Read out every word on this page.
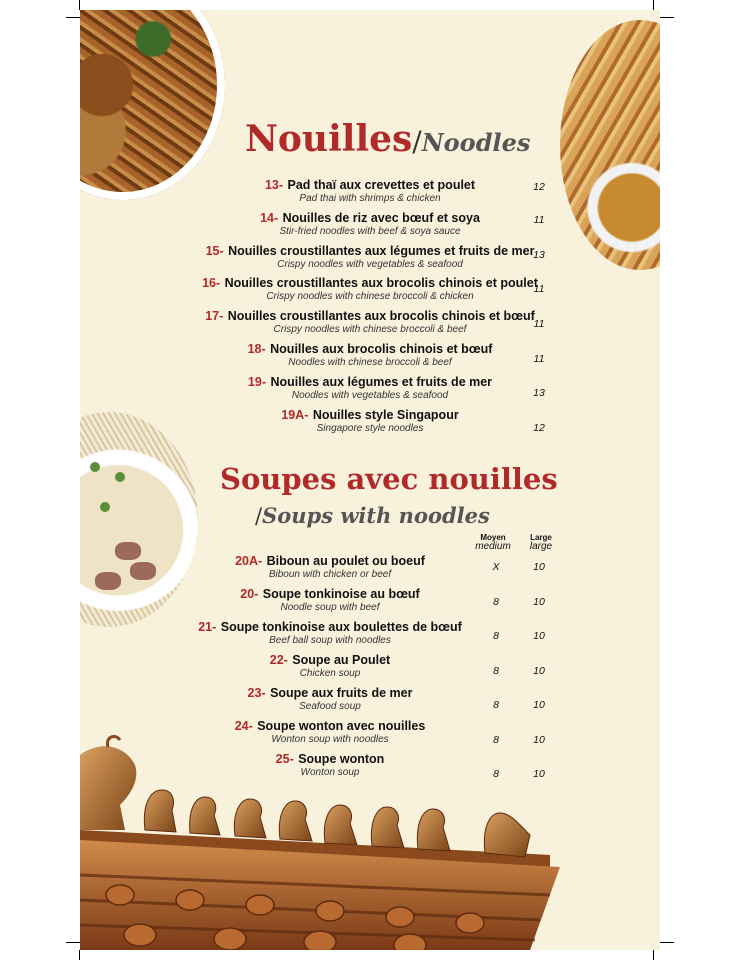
Nouilles/Noodles
13- Pad thaï aux crevettes et poulet
Pad thai with shrimps & chicken
12
14- Nouilles de riz avec bœuf et soya
Stir-fried noodles with beef & soya sauce
11
15- Nouilles croustillantes aux légumes et fruits de mer
Crispy noodles with vegetables & seafood
13
16- Nouilles croustillantes aux brocolis chinois et poulet
Crispy noodles with chinese broccoli & chicken
11
17- Nouilles croustillantes aux brocolis chinois et bœuf
Crispy noodles with chinese broccoli & beef	11
18- Nouilles aux brocolis chinois et bœuf
Noodles with chinese broccoli & beef	11
19- Nouilles aux légumes et fruits de mer
Noodles with vegetables & seafood	13
19A- Nouilles style Singapour
Singapore style noodles	12
Soupes avec nouilles
/Soups with noodles
Moyen
medium
Large
large
20A- Biboun au poulet ou boeuf
Biboun with chicken or beef
X	10
20- Soupe tonkinoise au bœuf
Noodle soup with beef	8	10
21- Soupe tonkinoise aux boulettes de bœuf
Beef ball soup with noodles	8	10
22- Soupe au Poulet
Chicken soup	8	10
23- Soupe aux fruits de mer
Seafood soup	8	10
24- Soupe wonton avec nouilles
Wonton soup with noodles	8	10
25- Soupe wonton
Wonton soup	8	10
